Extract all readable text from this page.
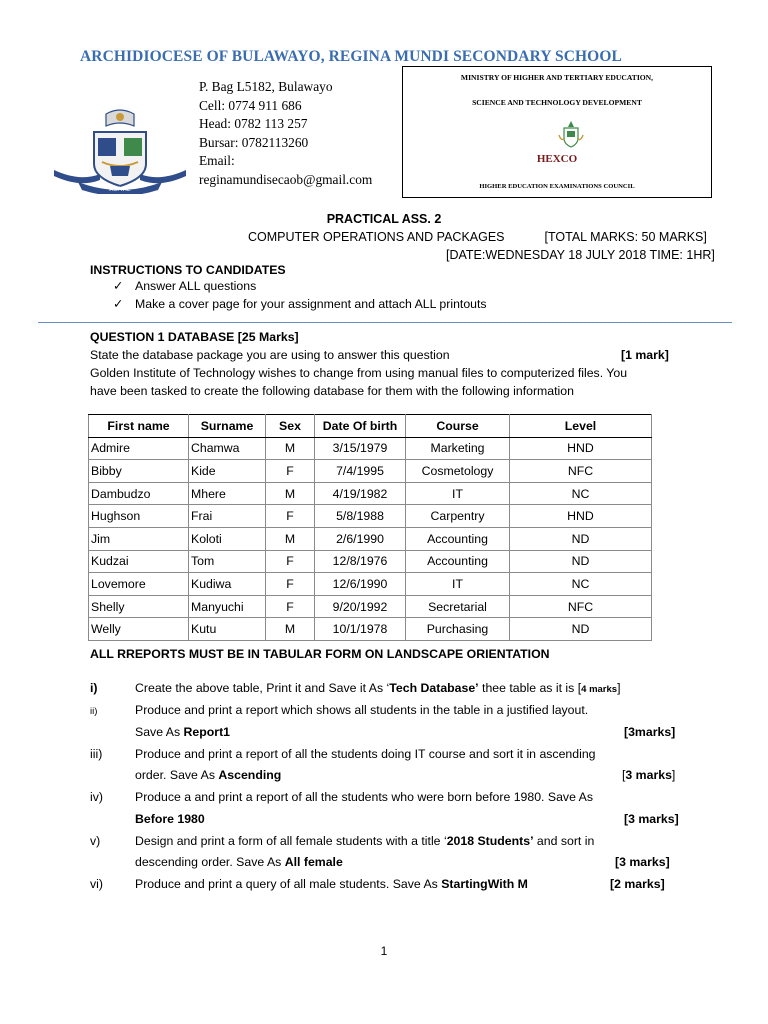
ARCHIDIOCESE OF BULAWAYO, REGINA MUNDI SECONDARY SCHOOL
ASPIRE
P. Bag L5182, Bulawayo
Cell: 0774 911 686
Head: 0782 113 257
Bursar: 0782113260
Email:
reginamundisecaob@gmail.com
MINISTRY OF HIGHER AND TERTIARY EDUCATION,
SCIENCE AND TECHNOLOGY DEVELOPMENT
HEXCO
HIGHER EDUCATION EXAMINATIONS COUNCIL
PRACTICAL ASS. 2
COMPUTER OPERATIONS AND PACKAGES	[TOTAL MARKS: 50 MARKS]
[DATE:WEDNESDAY 18 JULY 2018 TIME: 1HR]
INSTRUCTIONS TO CANDIDATES
✓ Answer ALL questions
✓ Make a cover page for your assignment and attach ALL printouts
QUESTION 1 DATABASE [25 Marks]
State the database package you are using to answer this question	[1 mark]
Golden Institute of Technology wishes to change from using manual files to computerized files. You
have been tasked to create the following database for them with the following information
First name	Surname	Sex	Date Of birth	Course	Level
Admire	Chamwa	M	3/15/1979	Marketing	HND
Bibby	Kide	F	7/4/1995	Cosmetology	NFC
Dambudzo	Mhere	M	4/19/1982	IT	NC
Hughson	Frai	F	5/8/1988	Carpentry	HND
Jim	Koloti	M	2/6/1990	Accounting	ND
Kudzai	Tom	F	12/8/1976	Accounting	ND
Lovemore	Kudiwa	F	12/6/1990	IT	NC
Shelly	Manyuchi	F	9/20/1992	Secretarial	NFC
Welly	Kutu	M	10/1/1978	Purchasing	ND
ALL RREPORTS MUST BE IN TABULAR FORM ON LANDSCAPE ORIENTATION
i)	Create the above table, Print it and Save it As ‘Tech Database’ thee table as it is [4 marks]
ii)	Produce and print a report which shows all students in the table in a justified layout.
Save As Report1	[3marks]
iii)	Produce and print a report of all the students doing IT course and sort it in ascending
order. Save As Ascending	[3 marks]
iv)	Produce a and print a report of all the students who were born before 1980. Save As
Before 1980	[3 marks]
v)	Design and print a form of all female students with a title ‘2018 Students’ and sort in
descending order. Save As All female	[3 marks]
vi)	Produce and print a query of all male students. Save As StartingWith M	[2 marks]
1
